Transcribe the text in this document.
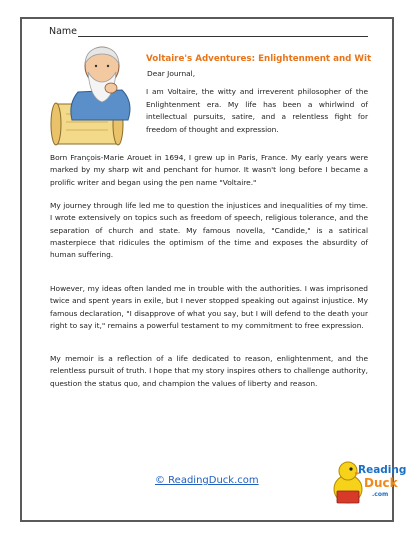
Name
Voltaire's Adventures: Enlightenment and Wit
Dear Journal,
I am Voltaire, the witty and irreverent philosopher of the Enlightenment era. My life has been a whirlwind of intellectual pursuits, satire, and a relentless fight for freedom of thought and expression.
Born François-Marie Arouet in 1694, I grew up in Paris, France. My early years were marked by my sharp wit and penchant for humor. It wasn't long before I became a prolific writer and began using the pen name "Voltaire."
My journey through life led me to question the injustices and inequalities of my time. I wrote extensively on topics such as freedom of speech, religious tolerance, and the separation of church and state. My famous novella, "Candide," is a satirical masterpiece that ridicules the optimism of the time and exposes the absurdity of human suffering.
However, my ideas often landed me in trouble with the authorities. I was imprisoned twice and spent years in exile, but I never stopped speaking out against injustice. My famous declaration, "I disapprove of what you say, but I will defend to the death your right to say it," remains a powerful testament to my commitment to free expression.
My memoir is a reflection of a life dedicated to reason, enlightenment, and the relentless pursuit of truth. I hope that my story inspires others to challenge authority, question the status quo, and champion the values of liberty and reason.
© ReadingDuck.com
Reading
Duck
.com
